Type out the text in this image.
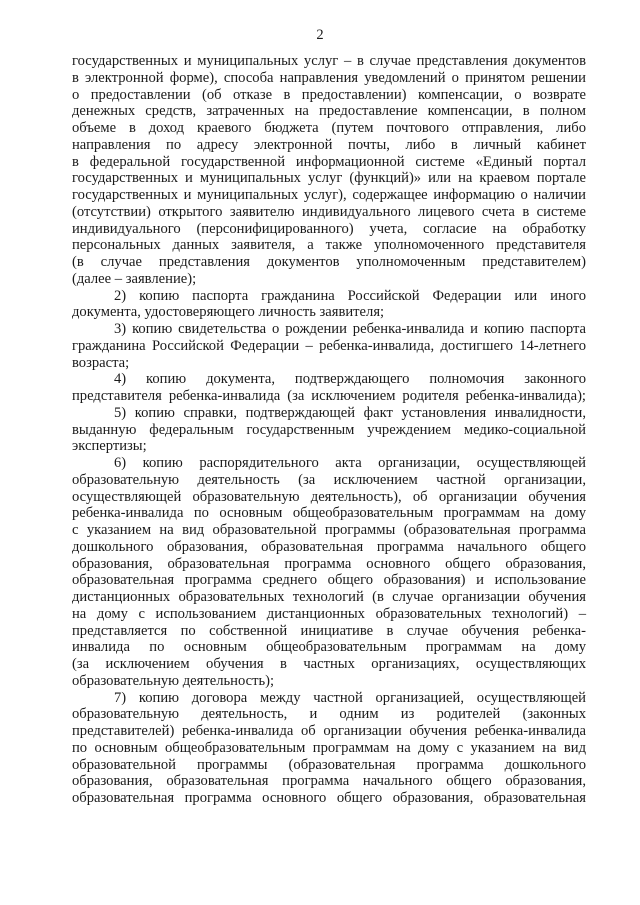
2
государственных и муниципальных услуг – в случае представления документов
в электронной форме), способа направления уведомлений о принятом решении
о предоставлении (об отказе в предоставлении) компенсации, о возврате
денежных средств, затраченных на предоставление компенсации, в полном
объеме в доход краевого бюджета (путем почтового отправления, либо
направления по адресу электронной почты, либо в личный кабинет
в федеральной государственной информационной системе «Единый портал
государственных и муниципальных услуг (функций)» или на краевом портале
государственных и муниципальных услуг), содержащее информацию о наличии
(отсутствии) открытого заявителю индивидуального лицевого счета в системе
индивидуального (персонифицированного) учета, согласие на обработку
персональных данных заявителя, а также уполномоченного представителя
(в случае представления документов уполномоченным представителем)
(далее – заявление);
2) копию паспорта гражданина Российской Федерации или иного
документа, удостоверяющего личность заявителя;
3) копию свидетельства о рождении ребенка-инвалида и копию паспорта
гражданина Российской Федерации – ребенка-инвалида, достигшего 14-летнего
возраста;
4) копию документа, подтверждающего полномочия законного
представителя ребенка-инвалида (за исключением родителя ребенка-инвалида);
5) копию справки, подтверждающей факт установления инвалидности,
выданную федеральным государственным учреждением медико-социальной
экспертизы;
6) копию распорядительного акта организации, осуществляющей
образовательную деятельность (за исключением частной организации,
осуществляющей образовательную деятельность), об организации обучения
ребенка-инвалида по основным общеобразовательным программам на дому
с указанием на вид образовательной программы (образовательная программа
дошкольного образования, образовательная программа начального общего
образования, образовательная программа основного общего образования,
образовательная программа среднего общего образования) и использование
дистанционных образовательных технологий (в случае организации обучения
на дому с использованием дистанционных образовательных технологий) –
представляется по собственной инициативе в случае обучения ребенка-
инвалида по основным общеобразовательным программам на дому
(за исключением обучения в частных организациях, осуществляющих
образовательную деятельность);
7) копию договора между частной организацией, осуществляющей
образовательную деятельность, и одним из родителей (законных
представителей) ребенка-инвалида об организации обучения ребенка-инвалида
по основным общеобразовательным программам на дому с указанием на вид
образовательной программы (образовательная программа дошкольного
образования, образовательная программа начального общего образования,
образовательная программа основного общего образования, образовательная
